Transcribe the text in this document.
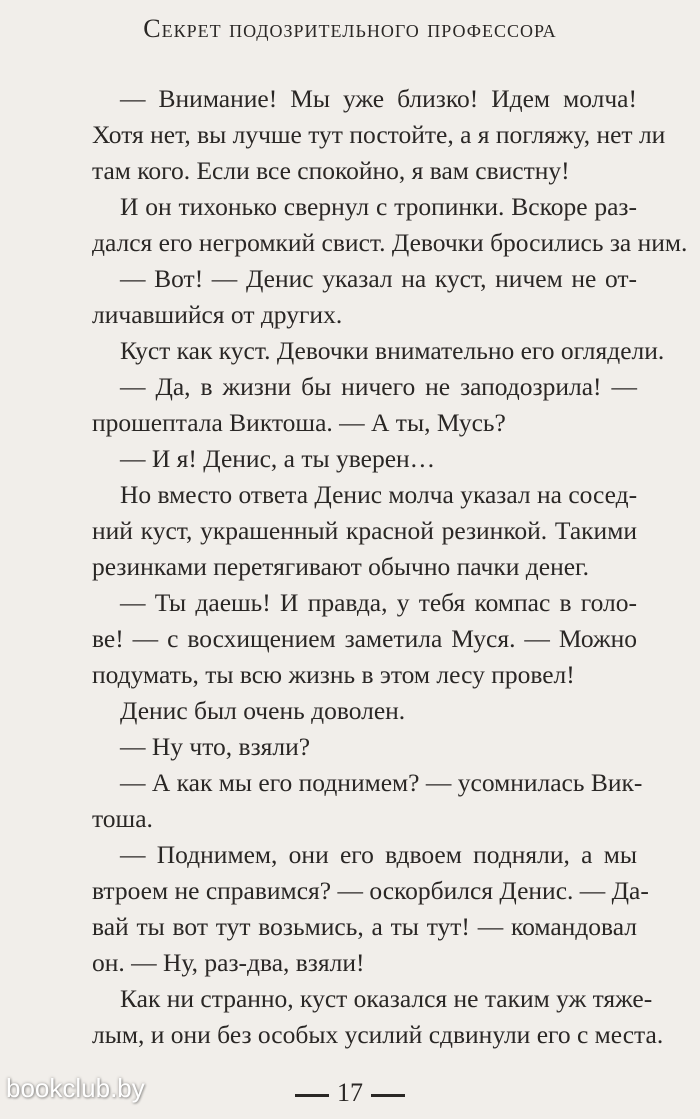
Секрет подозрительного профессора
— Внимание! Мы уже близко! Идем молча!
Хотя нет, вы лучше тут постойте, а я погляжу, нет ли
там кого. Если все спокойно, я вам свистну!
И он тихонько свернул с тропинки. Вскоре раз-
дался его негромкий свист. Девочки бросились за ним.
— Вот! — Денис указал на куст, ничем не от-
личавшийся от других.
Куст как куст. Девочки внимательно его оглядели.
— Да, в жизни бы ничего не заподозрила! —
прошептала Виктоша. — А ты, Мусь?
— И я! Денис, а ты уверен…
Но вместо ответа Денис молча указал на сосед-
ний куст, украшенный красной резинкой. Такими
резинками перетягивают обычно пачки денег.
— Ты даешь! И правда, у тебя компас в голо-
ве! — с восхищением заметила Муся. — Можно
подумать, ты всю жизнь в этом лесу провел!
Денис был очень доволен.
— Ну что, взяли?
— А как мы его поднимем? — усомнилась Вик-
тоша.
— Поднимем, они его вдвоем подняли, а мы
втроем не справимся? — оскорбился Денис. — Да-
вай ты вот тут возьмись, а ты тут! — командовал
он. — Ну, раз-два, взяли!
Как ни странно, куст оказался не таким уж тяже-
лым, и они без особых усилий сдвинули его с места.
17
bookclub.by
